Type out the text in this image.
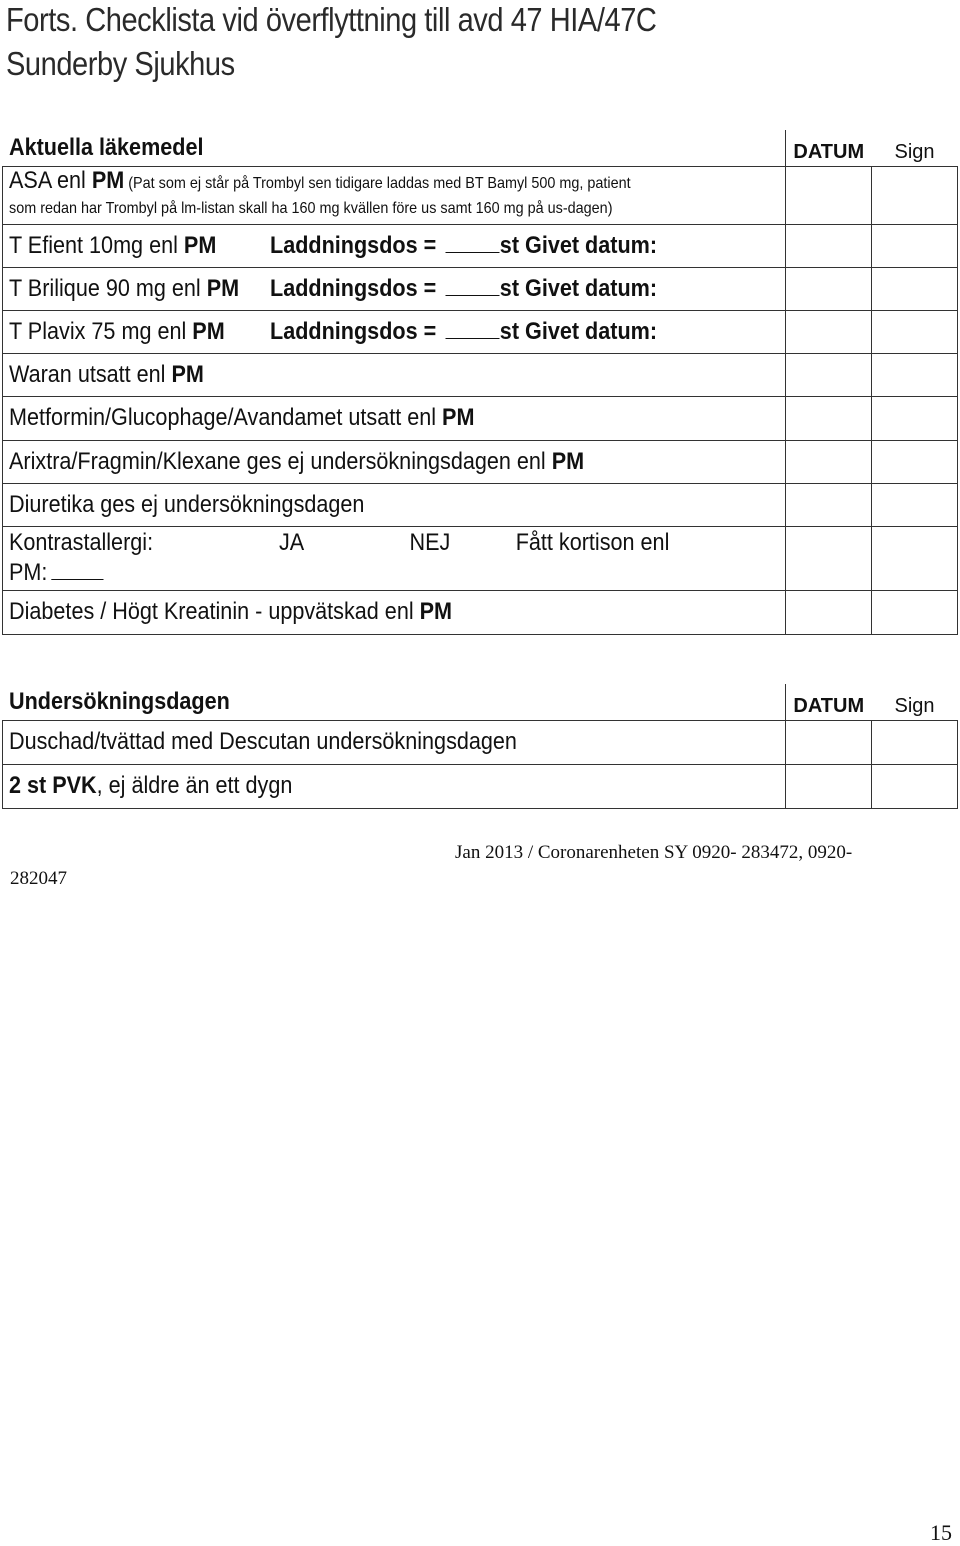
Forts. Checklista vid överflyttning till avd 47 HIA/47C
Sunderby Sjukhus
Aktuella läkemedel	DATUM	Sign
ASA enl PM (Pat som ej står på Trombyl sen tidigare laddas med BT Bamyl 500 mg, patient
som redan har Trombyl på lm-listan skall ha 160 mg kvällen före us samt 160 mg på us-dagen)		
T Efient 10mg enl PM Laddningsdos = st Givet datum:		
T Brilique 90 mg enl PM Laddningsdos = st Givet datum:		
T Plavix 75 mg enl PM Laddningsdos = st Givet datum:		
Waran utsatt enl PM		
Metformin/Glucophage/Avandamet utsatt enl PM		
Arixtra/Fragmin/Klexane ges ej undersökningsdagen enl PM		
Diuretika ges ej undersökningsdagen		
Kontrastallergi: JA NEJ Fått kortison enl
PM:		
Diabetes / Högt Kreatinin - uppvätskad enl PM		
Undersökningsdagen	DATUM	Sign
Duschad/tvättad med Descutan undersökningsdagen		
2 st PVK, ej äldre än ett dygn		
Jan 2013 / Coronarenheten SY 0920- 283472, 0920-
282047
15
